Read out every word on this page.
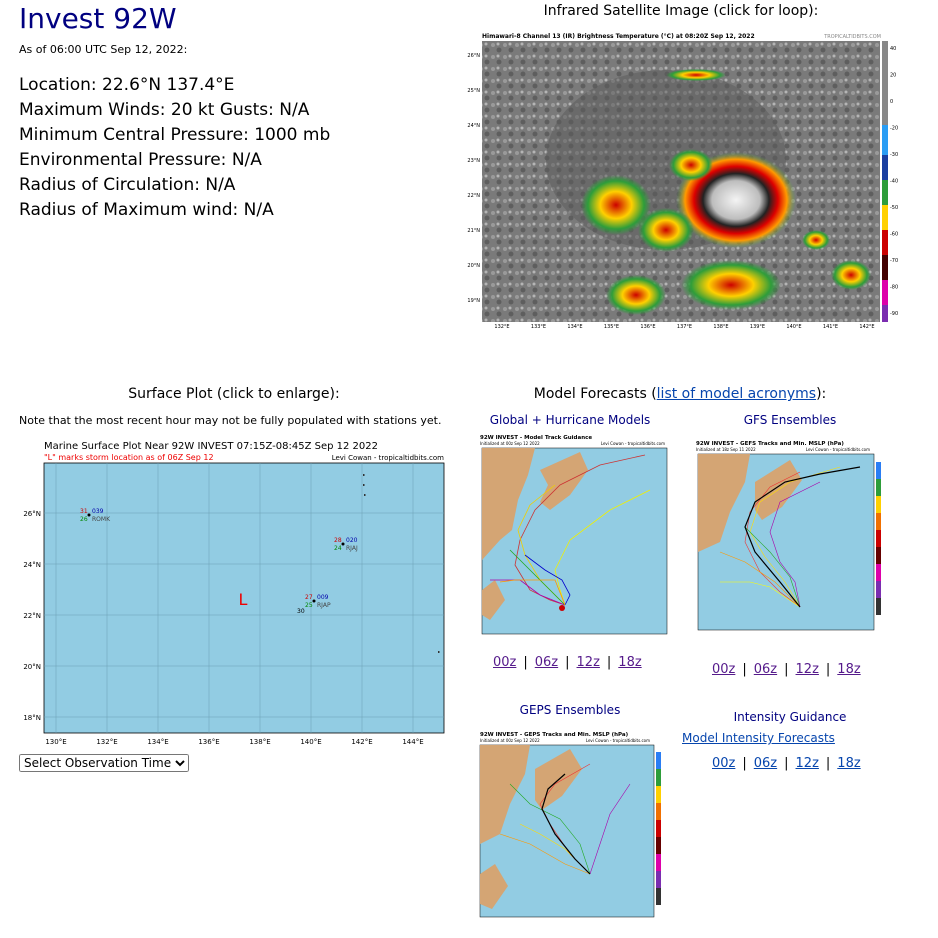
Invest 92W
As of 06:00 UTC Sep 12, 2022:
Location: 22.6°N 137.4°E
Maximum Winds: 20 kt Gusts: N/A
Minimum Central Pressure: 1000 mb
Environmental Pressure: N/A
Radius of Circulation: N/A
Radius of Maximum wind: N/A
Infrared Satellite Image (click for loop):
Himawari-8 Channel 13 (IR) Brightness Temperature (°C) at 08:20Z Sep 12, 2022	TROPICALTIDBITS.COM
26°N
25°N
24°N
23°N
22°N
21°N
20°N
19°N
132°E	133°E	134°E	135°E	136°E	137°E	138°E	139°E	140°E	141°E	142°E
40
20
0
-20
-30
-40
-50
-60
-70
-80
-90
Surface Plot (click to enlarge):
Note that the most recent hour may not be fully populated with stations yet.
Marine Surface Plot Near 92W INVEST 07:15Z-08:45Z Sep 12 2022
"L" marks storm location as of 06Z Sep 12	Levi Cowan - tropicaltidbits.com
26°N
24°N
22°N
20°N
18°N
130°E	132°E	134°E	136°E	138°E	140°E	142°E	144°E
L
31 039
26 ROMK
28 020
24 RJAJ
27 009
25 RJAP
30
Select Observation Time...
Model Forecasts (list of model acronyms):
Global + Hurricane Models
92W INVEST - Model Track Guidance
Initialized at 00z Sep 12 2022	Levi Cowan - tropicaltidbits.com
00z | 06z | 12z | 18z
GFS Ensembles
92W INVEST - GEFS Tracks and Min. MSLP (hPa)
Initialized at 18z Sep 11 2022	Levi Cowan - tropicaltidbits.com
00z | 06z | 12z | 18z
GEPS Ensembles
92W INVEST - GEPS Tracks and Min. MSLP (hPa)
Initialized at 00z Sep 12 2022	Levi Cowan - tropicaltidbits.com
Intensity Guidance
Model Intensity Forecasts
00z | 06z | 12z | 18z
